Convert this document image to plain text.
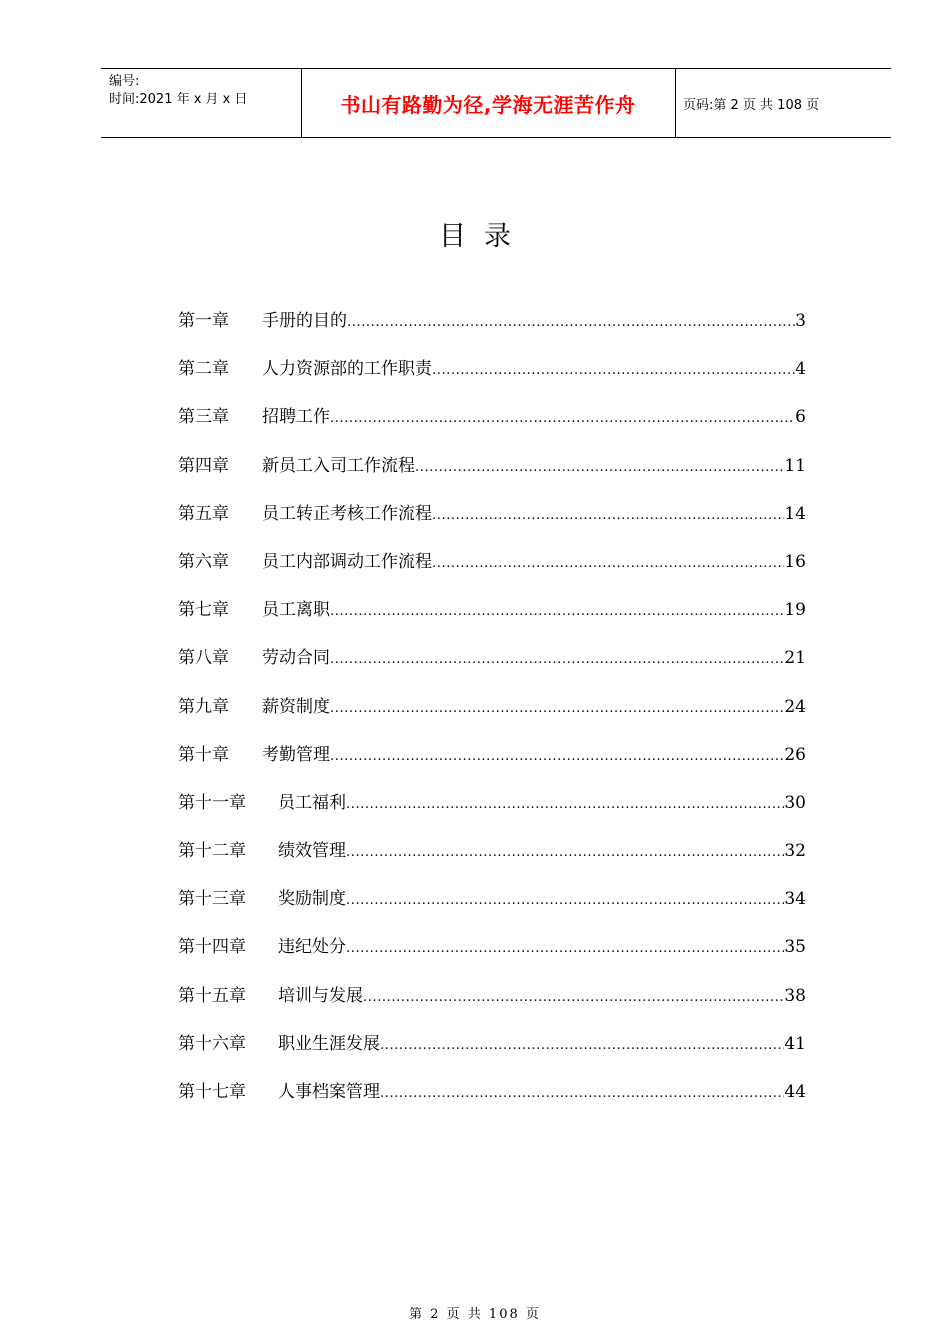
编号:
时间:2021 年 x 月 x 日	书山有路勤为径,学海无涯苦作舟	页码:第 2 页 共 108 页
目录
第一章	手册的目的 .....	3
第二章	人力资源部的工作职责 .....	4
第三章	招聘工作 .....	6
第四章	新员工入司工作流程 .....	11
第五章	员工转正考核工作流程 .....	14
第六章	员工内部调动工作流程 .....	16
第七章	员工离职 .....	19
第八章	劳动合同 .....	21
第九章	薪资制度 .....	24
第十章	考勤管理 .....	26
第十一章	员工福利 .....	30
第十二章	绩效管理 .....	32
第十三章	奖励制度 .....	34
第十四章	违纪处分 .....	35
第十五章	培训与发展 .....	38
第十六章	职业生涯发展 .....	41
第十七章	人事档案管理 .....	44
第 2 页 共 108 页
